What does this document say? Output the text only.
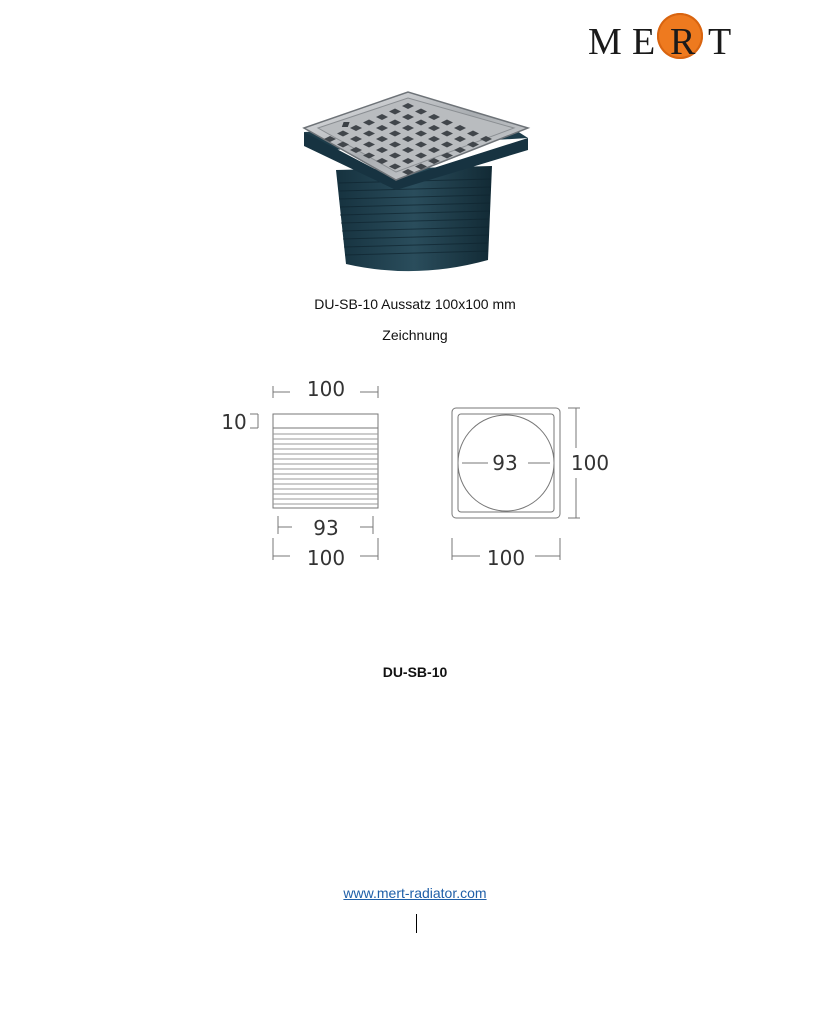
M E R T
DU-SB-10 Aussatz 100x100 mm
Zeichnung
100
10
93
100
93	100
100
DU-SB-10
www.mert-radiator.com
